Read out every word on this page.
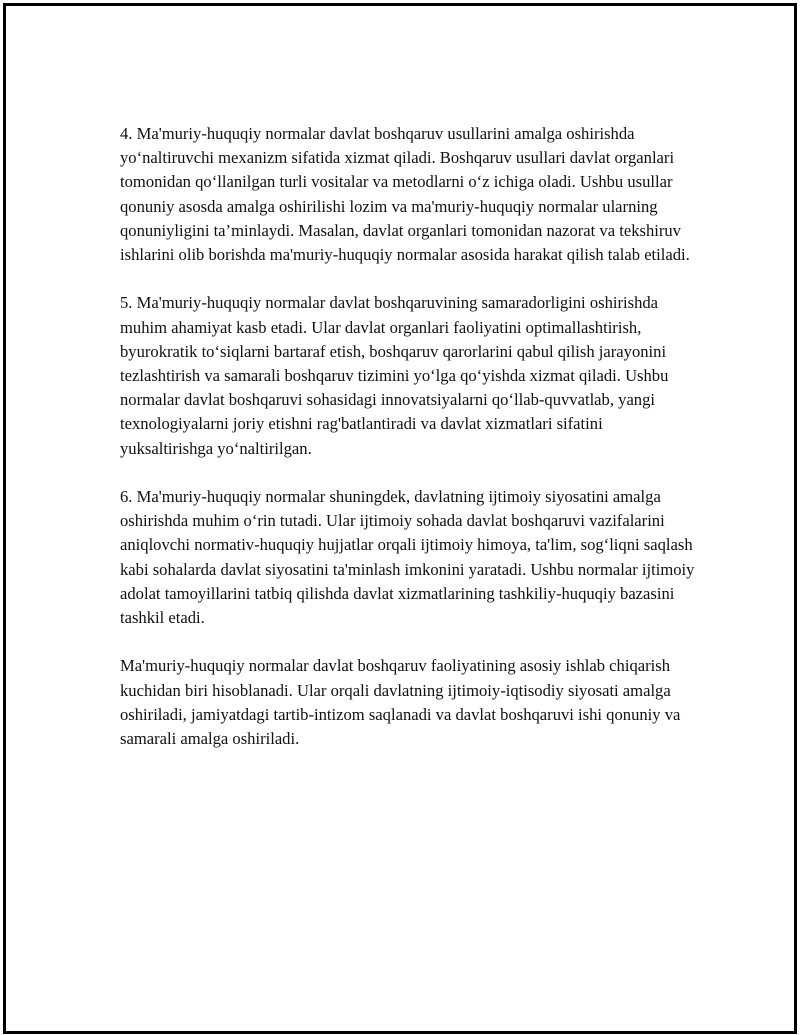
4. Ma'muriy-huquqiy normalar davlat boshqaruv usullarini amalga oshirishda yo‘naltiruvchi mexanizm sifatida xizmat qiladi. Boshqaruv usullari davlat organlari tomonidan qo‘llanilgan turli vositalar va metodlarni o‘z ichiga oladi. Ushbu usullar qonuniy asosda amalga oshirilishi lozim va ma'muriy-huquqiy normalar ularning qonuniyligini ta’minlaydi. Masalan, davlat organlari tomonidan nazorat va tekshiruv ishlarini olib borishda ma'muriy-huquqiy normalar asosida harakat qilish talab etiladi.

5. Ma'muriy-huquqiy normalar davlat boshqaruvining samaradorligini oshirishda muhim ahamiyat kasb etadi. Ular davlat organlari faoliyatini optimallashtirish, byurokratik to‘siqlarni bartaraf etish, boshqaruv qarorlarini qabul qilish jarayonini tezlashtirish va samarali boshqaruv tizimini yo‘lga qo‘yishda xizmat qiladi. Ushbu normalar davlat boshqaruvi sohasidagi innovatsiyalarni qo‘llab-quvvatlab, yangi texnologiyalarni joriy etishni rag'batlantiradi va davlat xizmatlari sifatini yuksaltirishga yo‘naltirilgan.

6. Ma'muriy-huquqiy normalar shuningdek, davlatning ijtimoiy siyosatini amalga oshirishda muhim o‘rin tutadi. Ular ijtimoiy sohada davlat boshqaruvi vazifalarini aniqlovchi normativ-huquqiy hujjatlar orqali ijtimoiy himoya, ta'lim, sog‘liqni saqlash kabi sohalarda davlat siyosatini ta'minlash imkonini yaratadi. Ushbu normalar ijtimoiy adolat tamoyillarini tatbiq qilishda davlat xizmatlarining tashkiliy-huquqiy bazasini tashkil etadi.

Ma'muriy-huquqiy normalar davlat boshqaruv faoliyatining asosiy ishlab chiqarish kuchidan biri hisoblanadi. Ular orqali davlatning ijtimoiy-iqtisodiy siyosati amalga oshiriladi, jamiyatdagi tartib-intizom saqlanadi va davlat boshqaruvi ishi qonuniy va samarali amalga oshiriladi.
